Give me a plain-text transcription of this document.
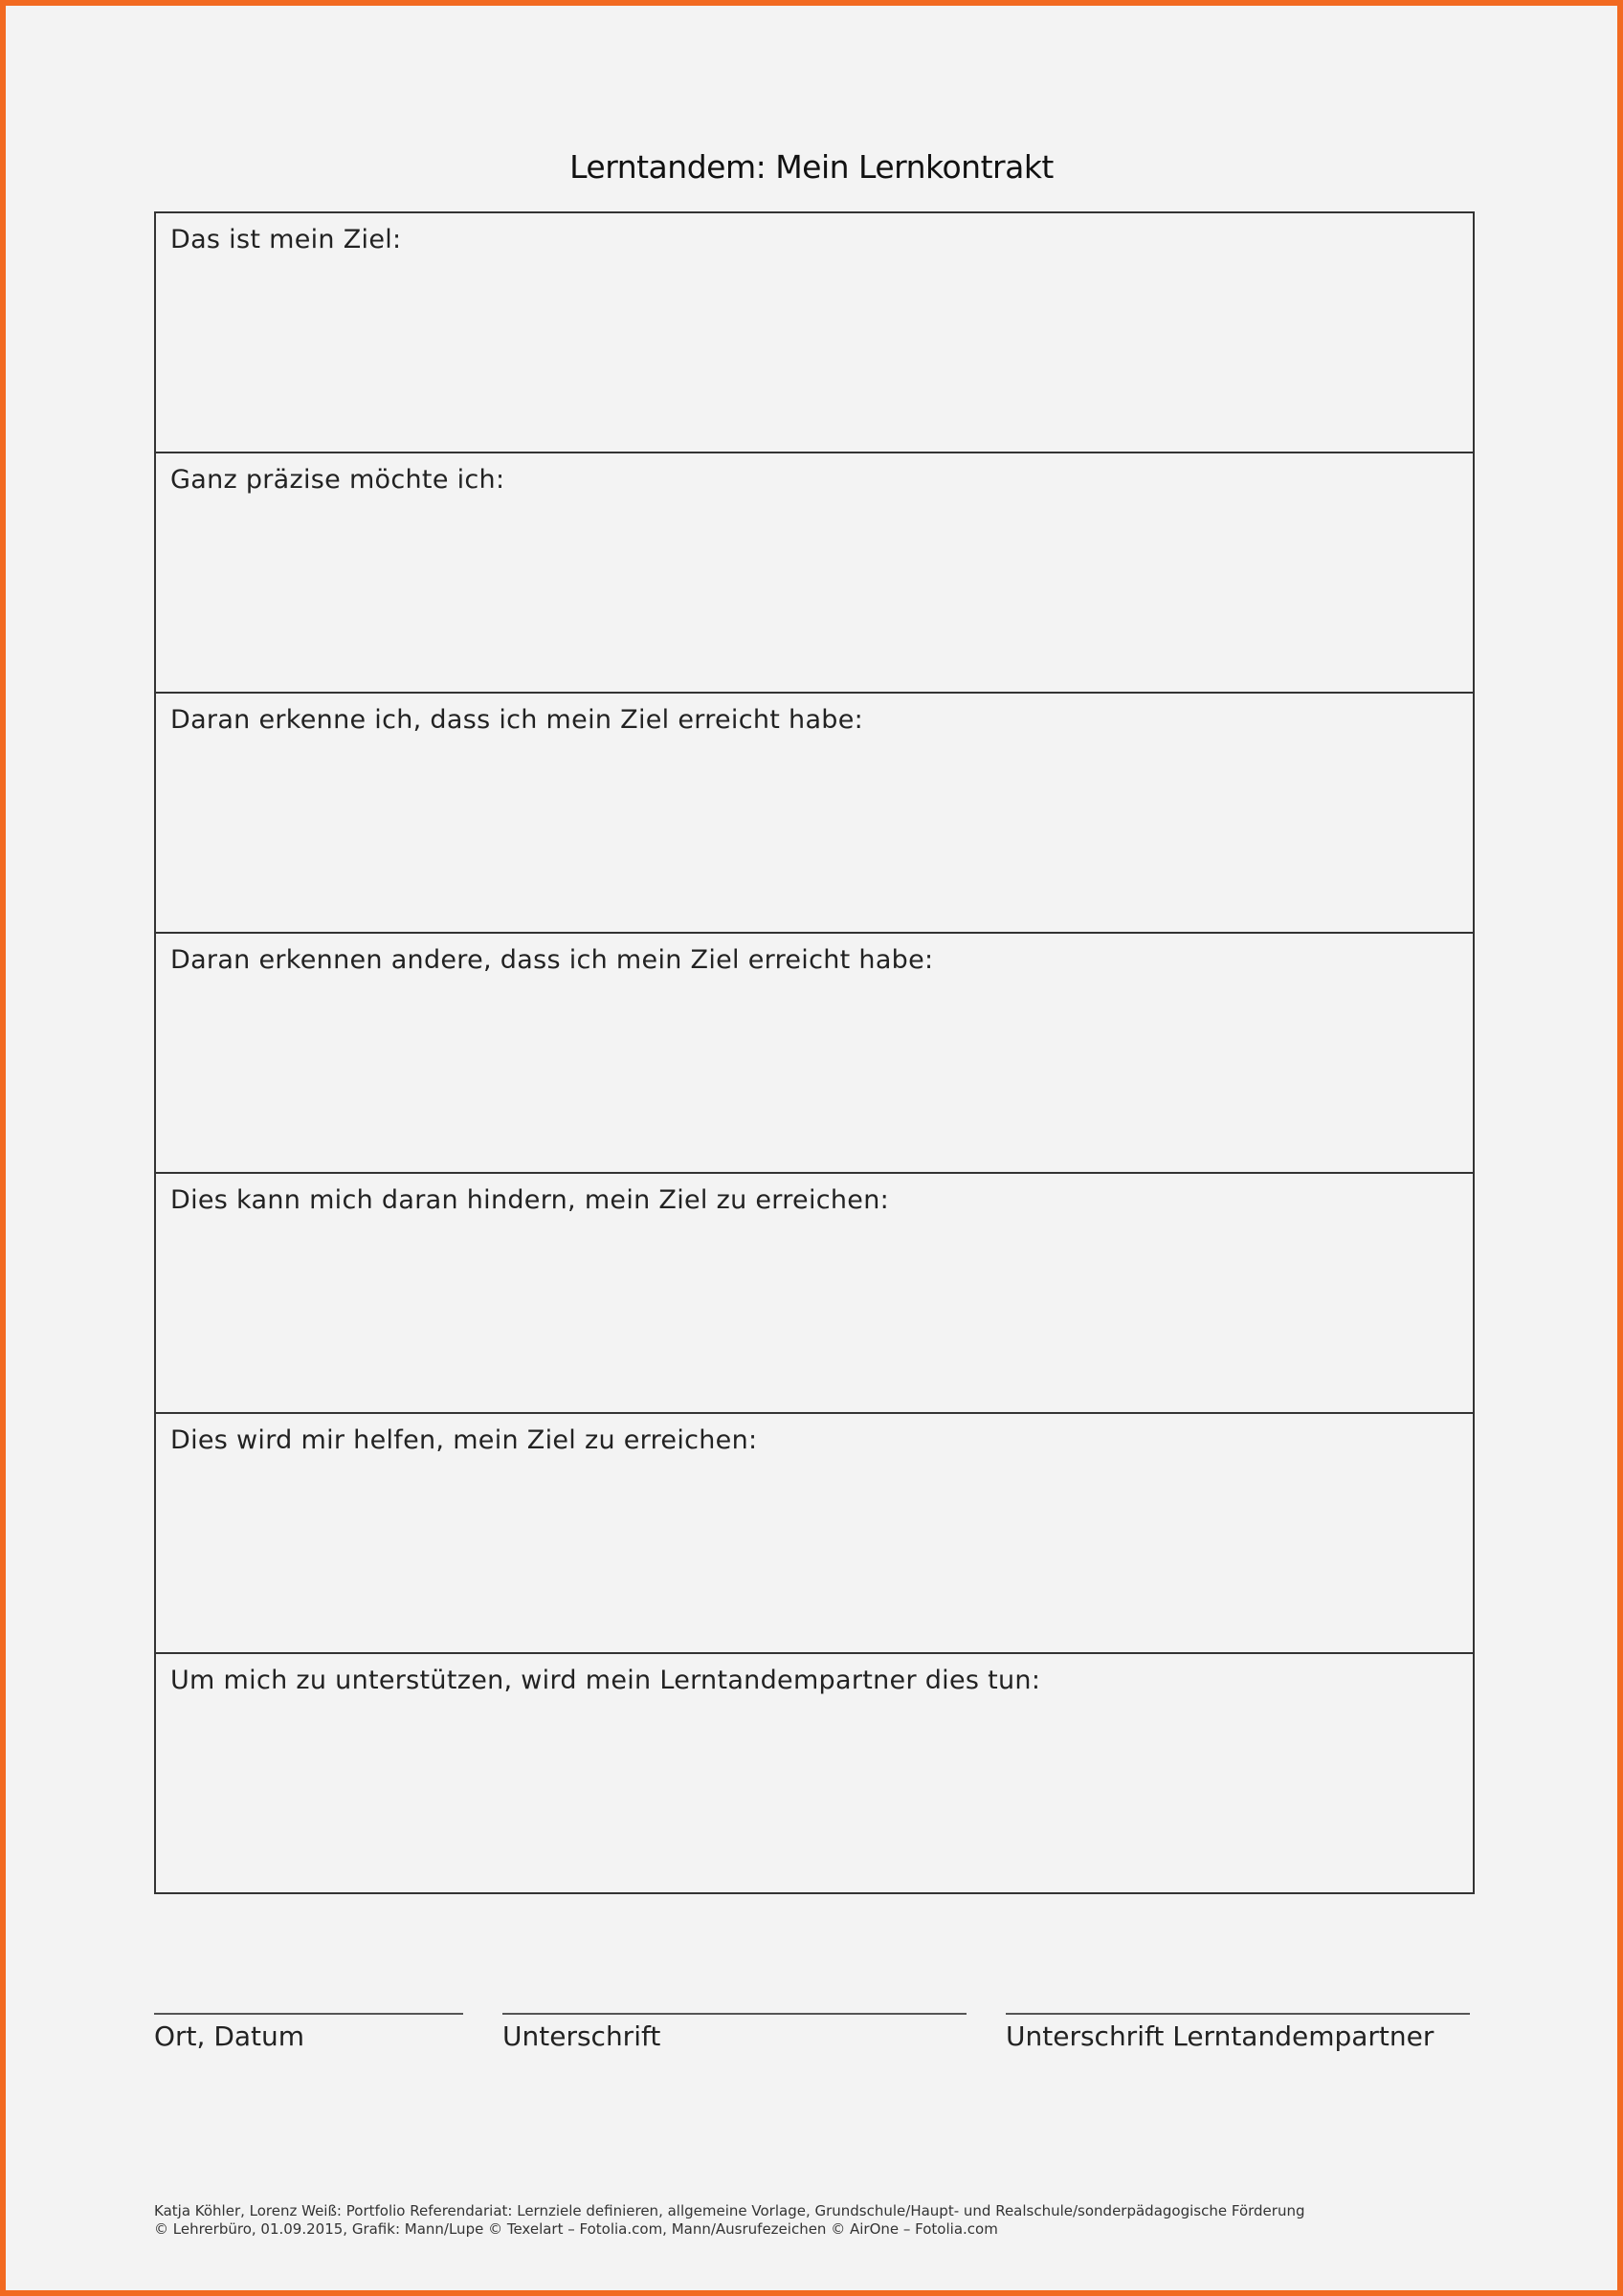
Lerntandem: Mein Lernkontrakt
Das ist mein Ziel:
Ganz präzise möchte ich:
Daran erkenne ich, dass ich mein Ziel erreicht habe:
Daran erkennen andere, dass ich mein Ziel erreicht habe:
Dies kann mich daran hindern, mein Ziel zu erreichen:
Dies wird mir helfen, mein Ziel zu erreichen:
Um mich zu unterstützen, wird mein Lerntandempartner dies tun:
Ort, Datum	Unterschrift	Unterschrift Lerntandempartner
Katja Köhler, Lorenz Weiß: Portfolio Referendariat: Lernziele definieren, allgemeine Vorlage, Grundschule/Haupt- und Realschule/sonderpädagogische Förderung
© Lehrerbüro, 01.09.2015, Grafik: Mann/Lupe © Texelart – Fotolia.com, Mann/Ausrufezeichen © AirOne – Fotolia.com
